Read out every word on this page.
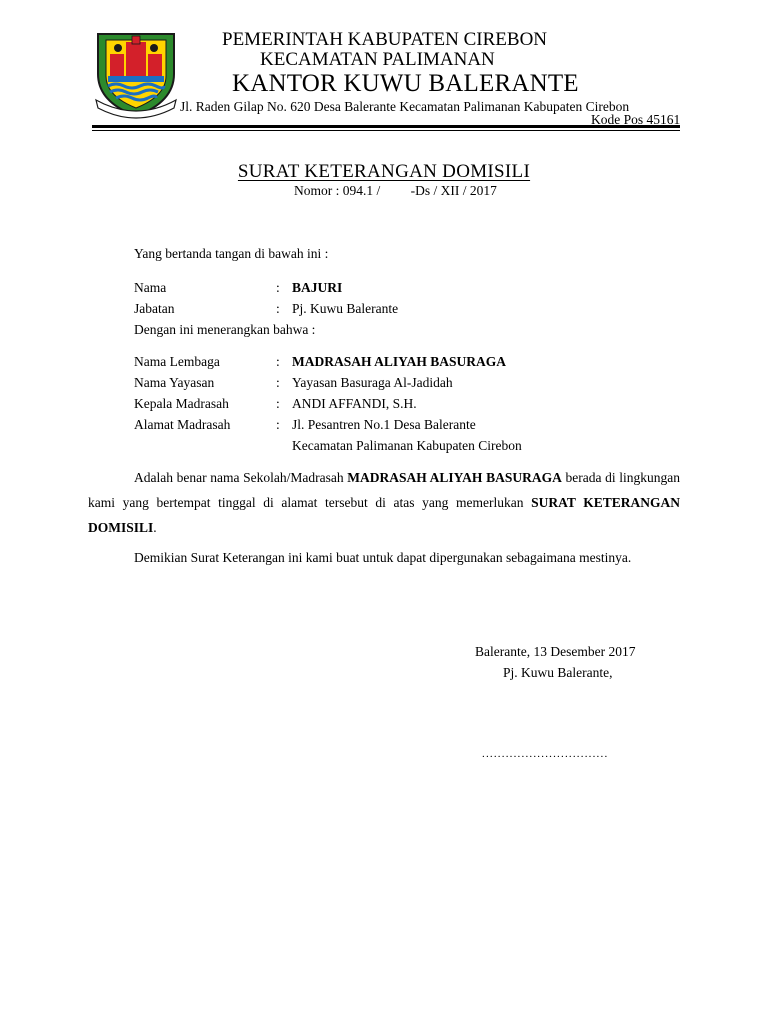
PEMERINTAH KABUPATEN CIREBON
KECAMATAN PALIMANAN
KANTOR KUWU BALERANTE
Jl. Raden Gilap No. 620 Desa Balerante Kecamatan Palimanan Kabupaten Cirebon
Kode Pos 45161
SURAT KETERANGAN DOMISILI
Nomor : 094.1 /         -Ds / XII / 2017
Yang bertanda tangan di bawah ini :
Nama	: BAJURI
Jabatan	: Pj. Kuwu Balerante
Dengan ini menerangkan bahwa :
Nama Lembaga	: MADRASAH ALIYAH BASURAGA
Nama Yayasan	: Yayasan Basuraga Al-Jadidah
Kepala Madrasah	: ANDI AFFANDI, S.H.
Alamat Madrasah	: Jl. Pesantren No.1 Desa Balerante
Kecamatan Palimanan Kabupaten Cirebon

Adalah benar nama Sekolah/Madrasah MADRASAH ALIYAH BASURAGA berada di lingkungan kami yang bertempat tinggal di alamat tersebut di atas yang memerlukan SURAT KETERANGAN DOMISILI.

Demikian Surat Keterangan ini kami buat untuk dapat dipergunakan sebagaimana mestinya.

Balerante, 13 Desember 2017
Pj. Kuwu Balerante,
................................
